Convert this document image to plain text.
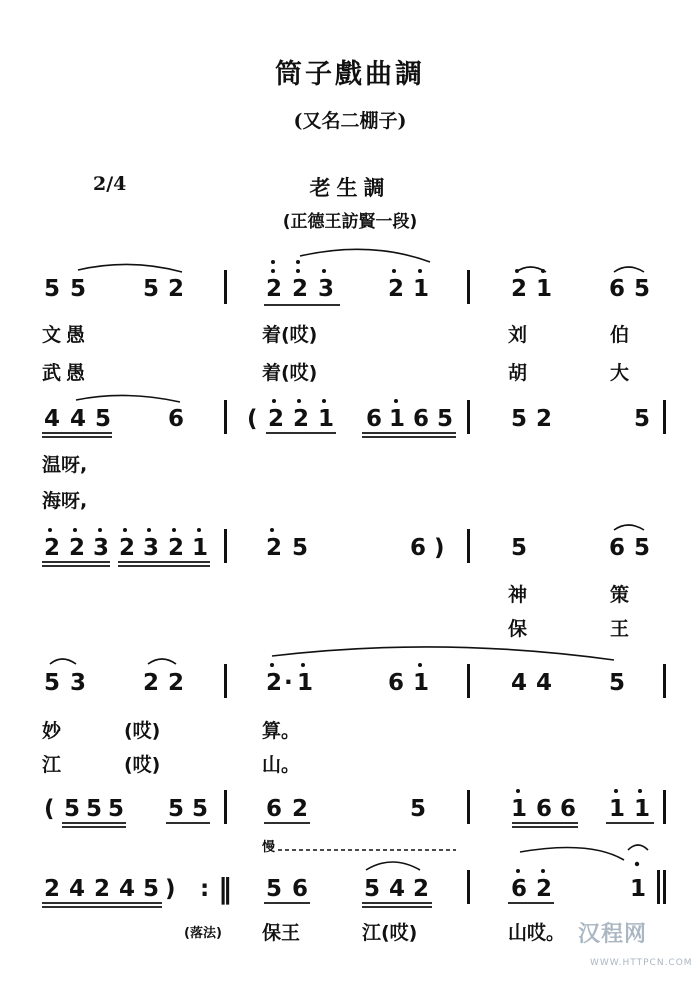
筒子戲曲調
(又名二棚子)
2/4	老生調
(正德王訪賢一段)
5 5 5 2	2 2 3 2 1	2 1 6 5
文 愚	着(哎)	刘	伯
武 愚	着(哎)	胡	大
4 4 5 6	( 2 2 1 6 1 6 5	5 2	5
温呀,
海呀,
2 2 3 2 3 2 1	2 5	6 )	5	6 5
神	策
保	王
5 3 2 2	2 · 1	6 1	4 4 5
妙	(哎)	算。
江	(哎)	山。
( 5 5 5 5 5	6 2	5	1 6 6 1 1
慢
2 4 2 4 5 ) : ‖ 5 6 5 4 2	6 2	1
(落法) 保王	江(哎)	山哎。 汉程网
WWW.HTTPCN.COM
